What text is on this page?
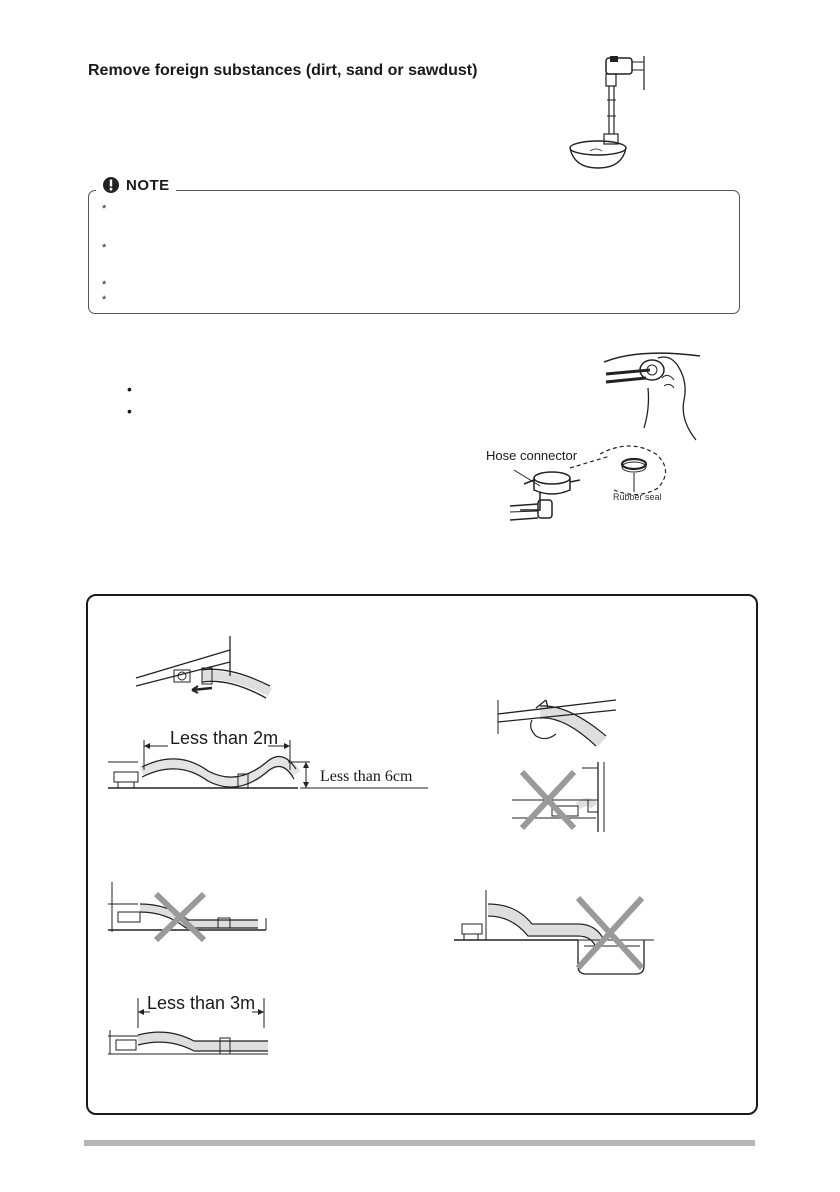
Remove foreign substances (dirt, sand or sawdust)
NOTE
*
*
*
*
•
•
Hose connector
Rubber seal
Less than 2m
Less than 6cm
Less than 3m
